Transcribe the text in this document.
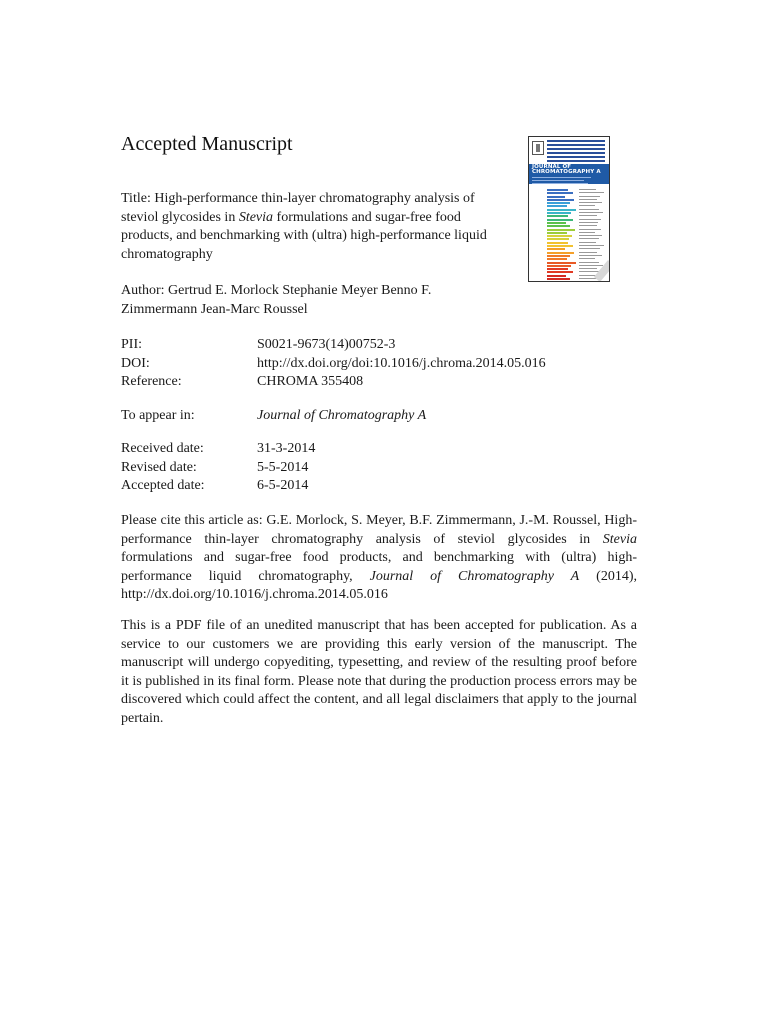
Accepted Manuscript
JOURNAL OF CHROMATOGRAPHY A
Title: High-performance thin-layer chromatography analysis of steviol glycosides in Stevia formulations and sugar-free food products, and benchmarking with (ultra) high-performance liquid chromatography
Author: Gertrud E. Morlock Stephanie Meyer Benno F. Zimmermann Jean-Marc Roussel
PII:	S0021-9673(14)00752-3
DOI:	http://dx.doi.org/doi:10.1016/j.chroma.2014.05.016
Reference:	CHROMA 355408
To appear in:	Journal of Chromatography A
Received date:	31-3-2014
Revised date:	5-5-2014
Accepted date:	6-5-2014
Please cite this article as: G.E. Morlock, S. Meyer, B.F. Zimmermann, J.-M. Roussel, High-performance thin-layer chromatography analysis of steviol glycosides in Stevia formulations and sugar-free food products, and benchmarking with (ultra) high- performance liquid chromatography, Journal of Chromatography A (2014), http://dx.doi.org/10.1016/j.chroma.2014.05.016
This is a PDF file of an unedited manuscript that has been accepted for publication. As a service to our customers we are providing this early version of the manuscript. The manuscript will undergo copyediting, typesetting, and review of the resulting proof before it is published in its final form. Please note that during the production process errors may be discovered which could affect the content, and all legal disclaimers that apply to the journal pertain.
